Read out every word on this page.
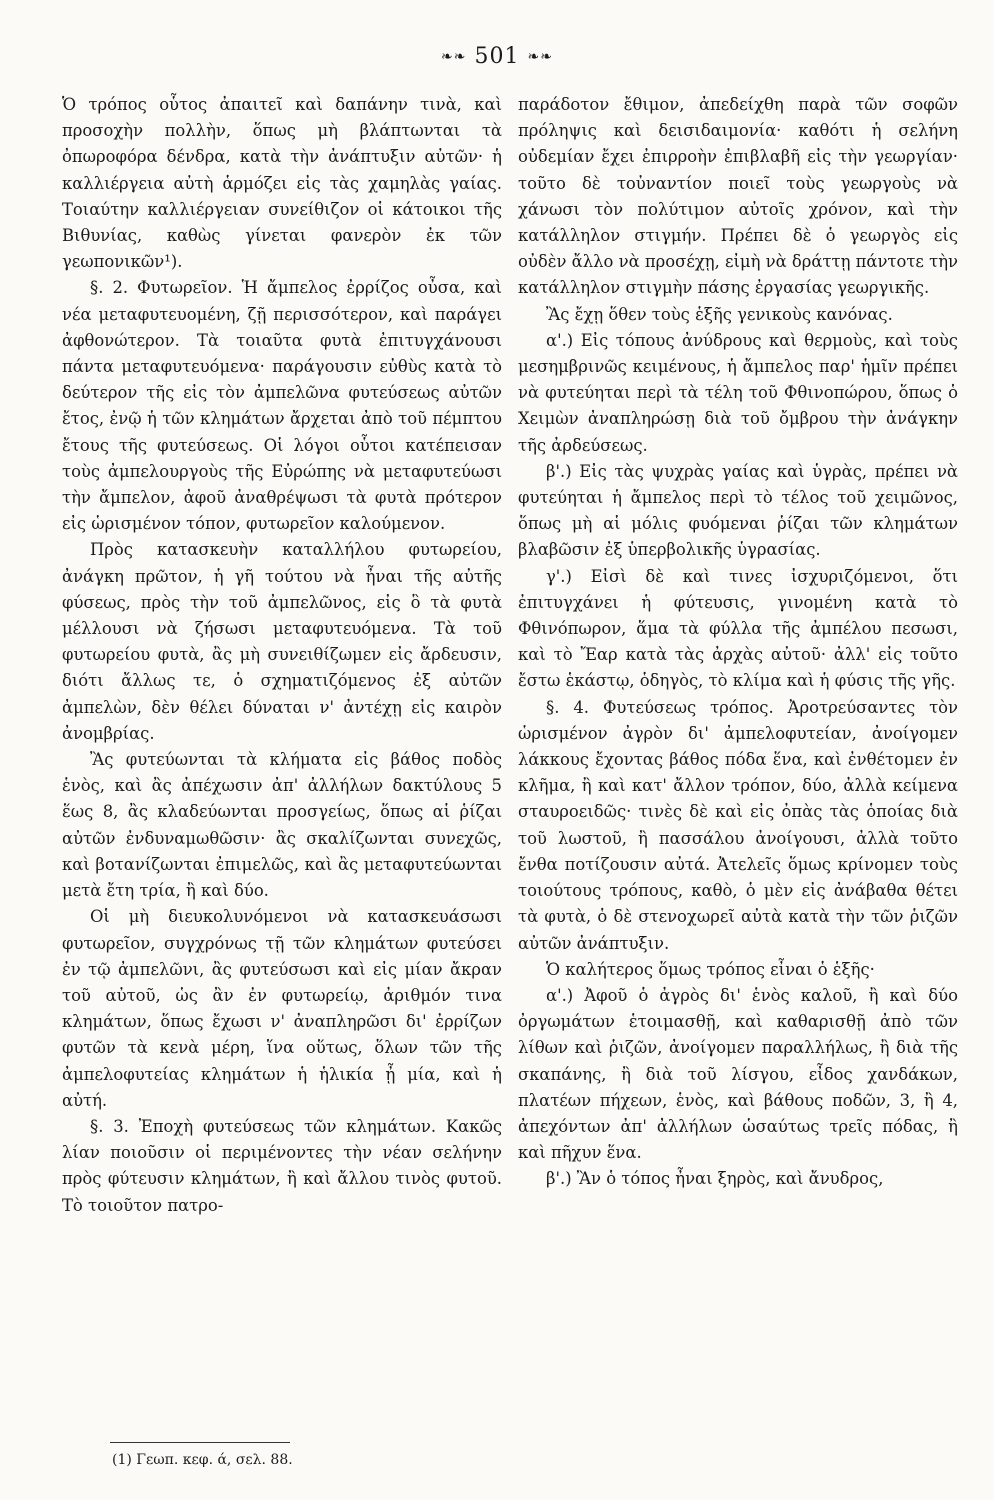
❧❧ 501 ❧❧

Ὁ τρόπος οὗτος ἀπαιτεῖ καὶ δαπάνην τινὰ, καὶ προσοχὴν πολλὴν, ὅπως μὴ βλάπτωνται τὰ ὀπωροφόρα δένδρα, κατὰ τὴν ἀνάπτυξιν αὐτῶν· ἡ καλλιέργεια αὐτὴ ἁρμόζει εἰς τὰς χαμηλὰς γαίας. Τοιαύτην καλλιέργειαν συνείθιζον οἱ κάτοικοι τῆς Βιθυνίας, καθὼς γίνεται φανερὸν ἐκ τῶν γεωπονικῶν¹).

§. 2. Φυτωρεῖον. Ἡ ἄμπελος ἐρρίζος οὖσα, καὶ νέα μεταφυτευομένη, ζῇ περισσότερον, καὶ παράγει ἀφθονώτερον. Τὰ τοιαῦτα φυτὰ ἐπιτυγχάνουσι πάντα μεταφυτευόμενα· παράγουσιν εὐθὺς κατὰ τὸ δεύτερον τῆς εἰς τὸν ἀμπελῶνα φυτεύσεως αὐτῶν ἔτος, ἐνῷ ἡ τῶν κλημάτων ἄρχεται ἀπὸ τοῦ πέμπτου ἔτους τῆς φυτεύσεως. Οἱ λόγοι οὗτοι κατέπεισαν τοὺς ἀμπελουργοὺς τῆς Εὐρώπης νὰ μεταφυτεύωσι τὴν ἄμπελον, ἀφοῦ ἀναθρέψωσι τὰ φυτὰ πρότερον εἰς ὡρισμένον τόπον, φυτωρεῖον καλούμενον.

Πρὸς κατασκευὴν καταλλήλου φυτωρείου, ἀνάγκη πρῶτον, ἡ γῆ τούτου νὰ ἦναι τῆς αὐτῆς φύσεως, πρὸς τὴν τοῦ ἀμπελῶνος, εἰς ὃ τὰ φυτὰ μέλλουσι νὰ ζήσωσι μεταφυτευόμενα. Τὰ τοῦ φυτωρείου φυτὰ, ἂς μὴ συνειθίζωμεν εἰς ἄρδευσιν, διότι ἄλλως τε, ὁ σχηματιζόμενος ἐξ αὐτῶν ἀμπελὼν, δὲν θέλει δύναται ν' ἀντέχῃ εἰς καιρὸν ἀνομβρίας.

Ἂς φυτεύωνται τὰ κλήματα εἰς βάθος ποδὸς ἑνὸς, καὶ ἂς ἀπέχωσιν ἀπ' ἀλλήλων δακτύλους 5 ἕως 8, ἂς κλαδεύωνται προσγείως, ὅπως αἱ ῥίζαι αὐτῶν ἐνδυναμωθῶσιν· ἂς σκαλίζωνται συνεχῶς, καὶ βοτανίζωνται ἐπιμελῶς, καὶ ἂς μεταφυτεύωνται μετὰ ἔτη τρία, ἢ καὶ δύο.

Οἱ μὴ διευκολυνόμενοι νὰ κατασκευάσωσι φυτωρεῖον, συγχρόνως τῇ τῶν κλημάτων φυτεύσει ἐν τῷ ἀμπελῶνι, ἂς φυτεύσωσι καὶ εἰς μίαν ἄκραν τοῦ αὐτοῦ, ὡς ἂν ἐν φυτωρείῳ, ἀριθμόν τινα κλημάτων, ὅπως ἔχωσι ν' ἀναπληρῶσι δι' ἐρρίζων φυτῶν τὰ κενὰ μέρη, ἵνα οὕτως, ὅλων τῶν τῆς ἀμπελοφυτείας κλημάτων ἡ ἡλικία ᾖ μία, καὶ ἡ αὐτή.

§. 3. Ἐποχὴ φυτεύσεως τῶν κλημάτων. Κακῶς λίαν ποιοῦσιν οἱ περιμένοντες τὴν νέαν σελήνην πρὸς φύτευσιν κλημάτων, ἢ καὶ ἄλλου τινὸς φυτοῦ. Τὸ τοιοῦτον πατρο-

παράδοτον ἔθιμον, ἀπεδείχθη παρὰ τῶν σοφῶν πρόληψις καὶ δεισιδαιμονία· καθότι ἡ σελήνη οὐδεμίαν ἔχει ἐπιρροὴν ἐπιβλαβῆ εἰς τὴν γεωργίαν· τοῦτο δὲ τοὐναντίον ποιεῖ τοὺς γεωργοὺς νὰ χάνωσι τὸν πολύτιμον αὐτοῖς χρόνον, καὶ τὴν κατάλληλον στιγμήν. Πρέπει δὲ ὁ γεωργὸς εἰς οὐδὲν ἄλλο νὰ προσέχῃ, εἰμὴ νὰ δράττῃ πάντοτε τὴν κατάλληλον στιγμὴν πάσης ἐργασίας γεωργικῆς.

Ἂς ἔχῃ ὅθεν τοὺς ἑξῆς γενικοὺς κανόνας.

α'.) Εἰς τόπους ἀνύδρους καὶ θερμοὺς, καὶ τοὺς μεσημβρινῶς κειμένους, ἡ ἄμπελος παρ' ἡμῖν πρέπει νὰ φυτεύηται περὶ τὰ τέλη τοῦ Φθινοπώρου, ὅπως ὁ Χειμὼν ἀναπληρώσῃ διὰ τοῦ ὄμβρου τὴν ἀνάγκην τῆς ἀρδεύσεως.

β'.) Εἰς τὰς ψυχρὰς γαίας καὶ ὑγρὰς, πρέπει νὰ φυτεύηται ἡ ἄμπελος περὶ τὸ τέλος τοῦ χειμῶνος, ὅπως μὴ αἱ μόλις φυόμεναι ῥίζαι τῶν κλημάτων βλαβῶσιν ἐξ ὑπερβολικῆς ὑγρασίας.

γ'.) Εἰσὶ δὲ καὶ τινες ἰσχυριζόμενοι, ὅτι ἐπιτυγχάνει ἡ φύτευσις, γινομένη κατὰ τὸ Φθινόπωρον, ἅμα τὰ φύλλα τῆς ἀμπέλου πεσωσι, καὶ τὸ Ἔαρ κατὰ τὰς ἀρχὰς αὐτοῦ· ἀλλ' εἰς τοῦτο ἔστω ἑκάστῳ, ὁδηγὸς, τὸ κλίμα καὶ ἡ φύσις τῆς γῆς.

§. 4. Φυτεύσεως τρόπος. Ἀροτρεύσαντες τὸν ὡρισμένον ἀγρὸν δι' ἀμπελοφυτείαν, ἀνοίγομεν λάκκους ἔχοντας βάθος πόδα ἕνα, καὶ ἐνθέτομεν ἐν κλῆμα, ἢ καὶ κατ' ἄλλον τρόπον, δύο, ἀλλὰ κείμενα σταυροειδῶς· τινὲς δὲ καὶ εἰς ὀπὰς τὰς ὁποίας διὰ τοῦ λωστοῦ, ἢ πασσάλου ἀνοίγουσι, ἀλλὰ τοῦτο ἔνθα ποτίζουσιν αὐτά. Ἀτελεῖς ὅμως κρίνομεν τοὺς τοιούτους τρόπους, καθὸ, ὁ μὲν εἰς ἀνάβαθα θέτει τὰ φυτὰ, ὁ δὲ στενοχωρεῖ αὐτὰ κατὰ τὴν τῶν ῥιζῶν αὐτῶν ἀνάπτυξιν.

Ὁ καλήτερος ὅμως τρόπος εἶναι ὁ ἑξῆς·

α'.) Ἀφοῦ ὁ ἀγρὸς δι' ἑνὸς καλοῦ, ἢ καὶ δύο ὀργωμάτων ἑτοιμασθῇ, καὶ καθαρισθῇ ἀπὸ τῶν λίθων καὶ ῥιζῶν, ἀνοίγομεν παραλλήλως, ἢ διὰ τῆς σκαπάνης, ἢ διὰ τοῦ λίσγου, εἶδος χανδάκων, πλατέων πήχεων, ἑνὸς, καὶ βάθους ποδῶν, 3, ἢ 4, ἀπεχόντων ἀπ' ἀλλήλων ὡσαύτως τρεῖς πόδας, ἢ καὶ πῆχυν ἕνα.

β'.) Ἂν ὁ τόπος ἦναι ξηρὸς, καὶ ἄνυδρος,

(1) Γεωπ. κεφ. ά, σελ. 88.
